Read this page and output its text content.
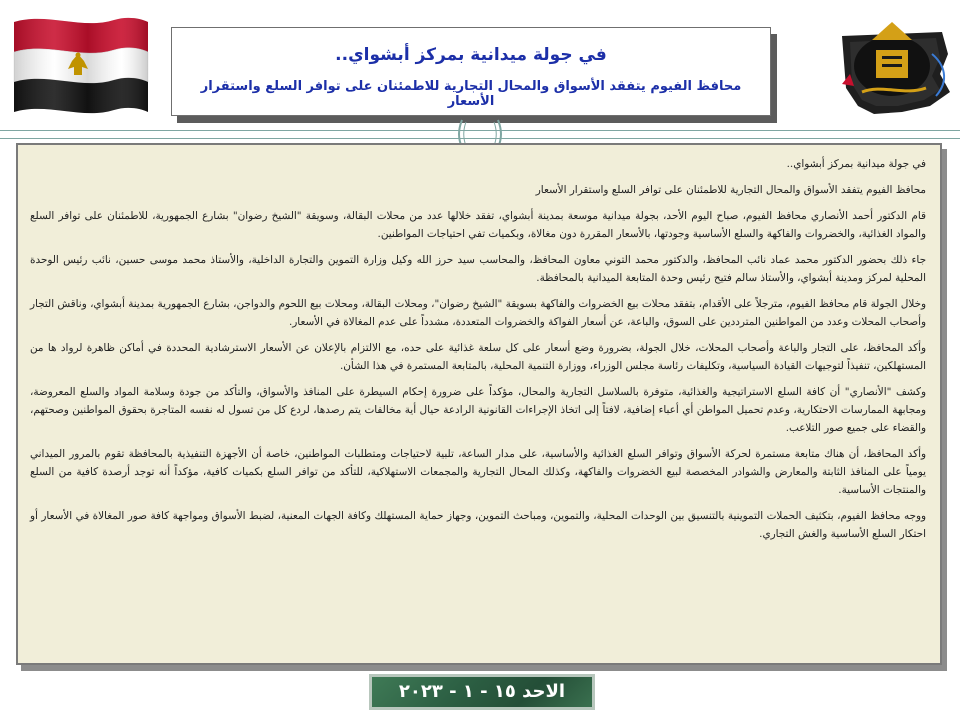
في جولة ميدانية بمركز أبشواي..
محافظ الفيوم يتفقد الأسواق والمحال التجارية للاطمئنان على توافر السلع واستقرار الأسعار

في جولة ميدانية بمركز أبشواي..

محافظ الفيوم يتفقد الأسواق والمحال التجارية للاطمئنان على توافر السلع واستقرار الأسعار

قام الدكتور أحمد الأنصاري محافظ الفيوم، صباح اليوم الأحد، بجولة ميدانية موسعة بمدينة أبشواي، تفقد خلالها عدد من محلات البقالة، وسويقة "الشيخ رضوان" بشارع الجمهورية، للاطمئنان على توافر السلع والمواد الغذائية، والخضروات والفاكهة والسلع الأساسية وجودتها، بالأسعار المقررة دون مغالاة، وبكميات تفي احتياجات المواطنين.

جاء ذلك بحضور الدكتور محمد عماد نائب المحافظ، والدكتور محمد التوني معاون المحافظ، والمحاسب سيد حرز الله وكيل وزارة التموين والتجارة الداخلية، والأستاذ محمد موسى حسين، نائب رئيس الوحدة المحلية لمركز ومدينة أبشواي، والأستاذ سالم فتيح رئيس وحدة المتابعة الميدانية بالمحافظة.

وخلال الجولة قام محافظ الفيوم، مترجلاً على الأقدام، بتفقد محلات بيع الخضروات والفاكهة بسويقة "الشيخ رضوان"، ومحلات البقالة، ومحلات بيع اللحوم والدواجن، بشارع الجمهورية بمدينة أبشواي، وناقش التجار وأصحاب المحلات وعدد من المواطنين المترددين على السوق، والباعة، عن أسعار الفواكة والخضروات المتعددة، مشدداً على عدم المغالاة في الأسعار.

وأكد المحافظ، على التجار والباعة وأصحاب المحلات، خلال الجولة، بضرورة وضع أسعار على كل سلعة غذائية على حده، مع الالتزام بالإعلان عن الأسعار الاسترشادية المحددة في أماكن ظاهرة لرواد ها من المستهلكين، تنفيذاً لتوجيهات القيادة السياسية، وتكليفات رئاسة مجلس الوزراء، ووزارة التنمية المحلية، بالمتابعة المستمرة في هذا الشأن.

وكشف "الأنصاري" أن كافة السلع الاستراتيجية والغذائية، متوفرة بالسلاسل التجارية والمحال، مؤكداً على ضرورة إحكام السيطرة على المنافذ والأسواق، والتأكد من جودة وسلامة المواد والسلع المعروضة، ومجابهة الممارسات الاحتكارية، وعدم تحميل المواطن أي أعباء إضافية، لافتاً إلى اتخاذ الإجراءات القانونية الرادعة حيال أية مخالفات يتم رصدها، لردع كل من تسول له نفسه المتاجرة بحقوق المواطنين وصحتهم، والقضاء على جميع صور التلاعب.

وأكد المحافظ، أن هناك متابعة مستمرة لحركة الأسواق وتوافر السلع الغذائية والأساسية، على مدار الساعة، تلبية لاحتياجات ومتطلبات المواطنين، خاصة أن الأجهزة التنفيذية بالمحافظة تقوم بالمرور الميداني يومياً على المنافذ الثابتة والمعارض والشوادر المخصصة لبيع الخضروات والفاكهة، وكذلك المحال التجارية والمجمعات الاستهلاكية، للتأكد من توافر السلع بكميات كافية، مؤكداً أنه توجد أرصدة كافية من السلع والمنتجات الأساسية.

ووجه محافظ الفيوم، بتكثيف الحملات التموينية بالتنسيق بين الوحدات المحلية، والتموين، ومباحث التموين، وجهاز حماية المستهلك وكافة الجهات المعنية، لضبط الأسواق ومواجهة كافة صور المغالاة في الأسعار أو احتكار السلع الأساسية والغش التجاري.

الاحد ١٥ - ١ - ٢٠٢٣
